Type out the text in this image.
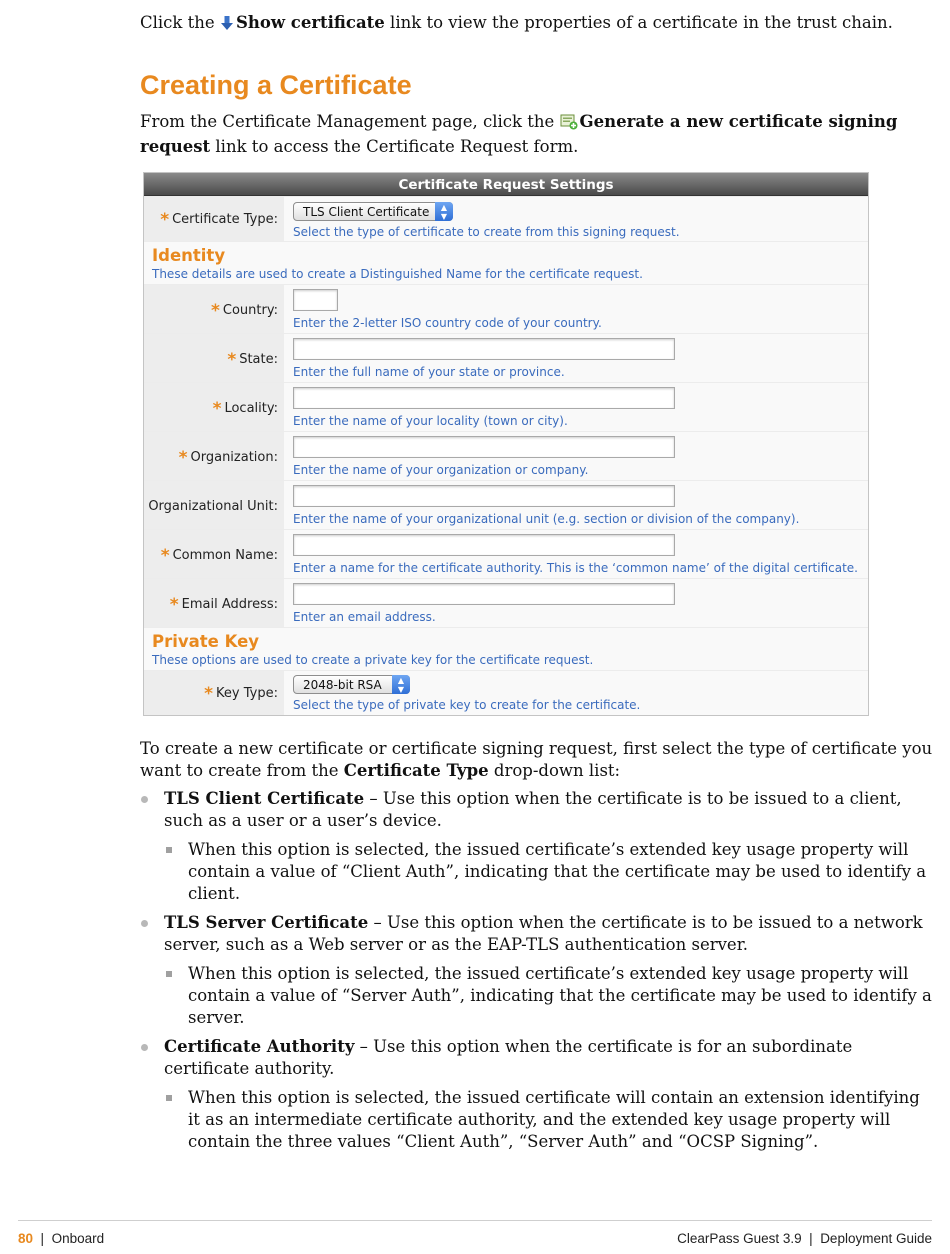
Click the Show certificate link to view the properties of a certificate in the trust chain.

Creating a Certificate

From the Certificate Management page, click the Generate a new certificate signing request link to access the Certificate Request form.

Certificate Request Settings
* Certificate Type:	TLS Client Certificate	▲
▼
Select the type of certificate to create from this signing request.
Identity
These details are used to create a Distinguished Name for the certificate request.
* Country:
Enter the 2-letter ISO country code of your country.
* State:
Enter the full name of your state or province.
* Locality:
Enter the name of your locality (town or city).
* Organization:
Enter the name of your organization or company.
Organizational Unit:
Enter the name of your organizational unit (e.g. section or division of the company).
* Common Name:
Enter a name for the certificate authority. This is the ‘common name’ of the digital certificate.
* Email Address:
Enter an email address.
Private Key
These options are used to create a private key for the certificate request.
* Key Type:
2048-bit RSA	▲
▼
Select the type of private key to create for the certificate.

To create a new certificate or certificate signing request, first select the type of certificate you want to create from the Certificate Type drop-down list:

TLS Client Certificate – Use this option when the certificate is to be issued to a client, such as a user or a user’s device.
When this option is selected, the issued certificate’s extended key usage property will contain a value of “Client Auth”, indicating that the certificate may be used to identify a client.
TLS Server Certificate – Use this option when the certificate is to be issued to a network server, such as a Web server or as the EAP-TLS authentication server.
When this option is selected, the issued certificate’s extended key usage property will contain a value of “Server Auth”, indicating that the certificate may be used to identify a server.
Certificate Authority – Use this option when the certificate is for an subordinate certificate authority.
When this option is selected, the issued certificate will contain an extension identifying it as an intermediate certificate authority, and the extended key usage property will contain the three values “Client Auth”, “Server Auth” and “OCSP Signing”.
80 | Onboard	ClearPass Guest 3.9 | Deployment Guide
